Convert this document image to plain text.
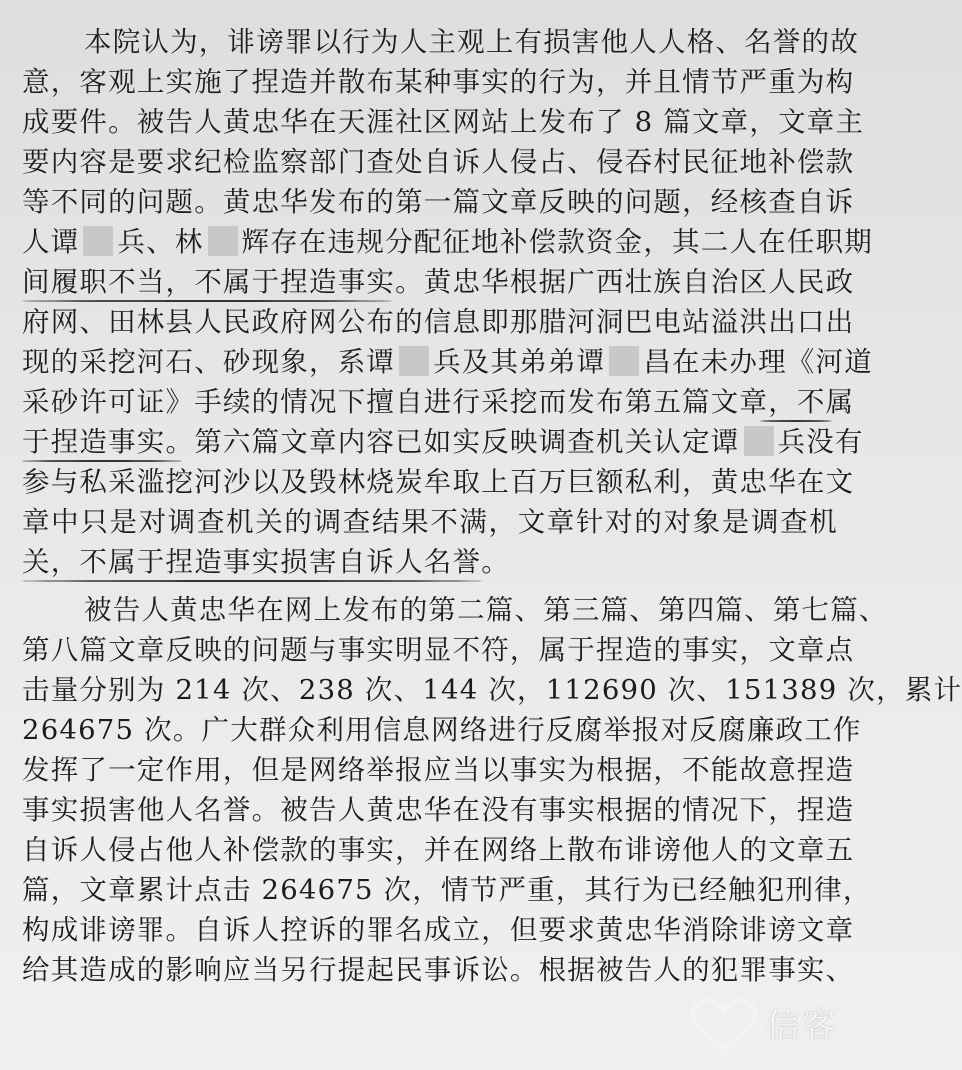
本院认为，诽谤罪以行为人主观上有损害他人人格、名誉的故
意，客观上实施了捏造并散布某种事实的行为，并且情节严重为构
成要件。被告人黄忠华在天涯社区网站上发布了 8 篇文章，文章主
要内容是要求纪检监察部门查处自诉人侵占、侵吞村民征地补偿款
等不同的问题。黄忠华发布的第一篇文章反映的问题，经核查自诉
人谭 兵、林 辉存在违规分配征地补偿款资金，其二人在任职期
间履职不当，不属于捏造事实。黄忠华根据广西壮族自治区人民政
府网、田林县人民政府网公布的信息即那腊河洞巴电站溢洪出口出
现的采挖河石、砂现象，系谭 兵及其弟弟谭 昌在未办理《河道
采砂许可证》手续的情况下擅自进行采挖而发布第五篇文章，不属
于捏造事实。第六篇文章内容已如实反映调查机关认定谭 兵没有
参与私采滥挖河沙以及毁林烧炭牟取上百万巨额私利，黄忠华在文
章中只是对调查机关的调查结果不满，文章针对的对象是调查机
关，不属于捏造事实损害自诉人名誉。
被告人黄忠华在网上发布的第二篇、第三篇、第四篇、第七篇、
第八篇文章反映的问题与事实明显不符，属于捏造的事实，文章点
击量分别为 214 次、238 次、144 次，112690 次、151389 次，累计
264675 次。广大群众利用信息网络进行反腐举报对反腐廉政工作
发挥了一定作用，但是网络举报应当以事实为根据，不能故意捏造
事实损害他人名誉。被告人黄忠华在没有事实根据的情况下，捏造
自诉人侵占他人补偿款的事实，并在网络上散布诽谤他人的文章五
篇，文章累计点击 264675 次，情节严重，其行为已经触犯刑律，
构成诽谤罪。自诉人控诉的罪名成立，但要求黄忠华消除诽谤文章
给其造成的影响应当另行提起民事诉讼。根据被告人的犯罪事实、
信客
